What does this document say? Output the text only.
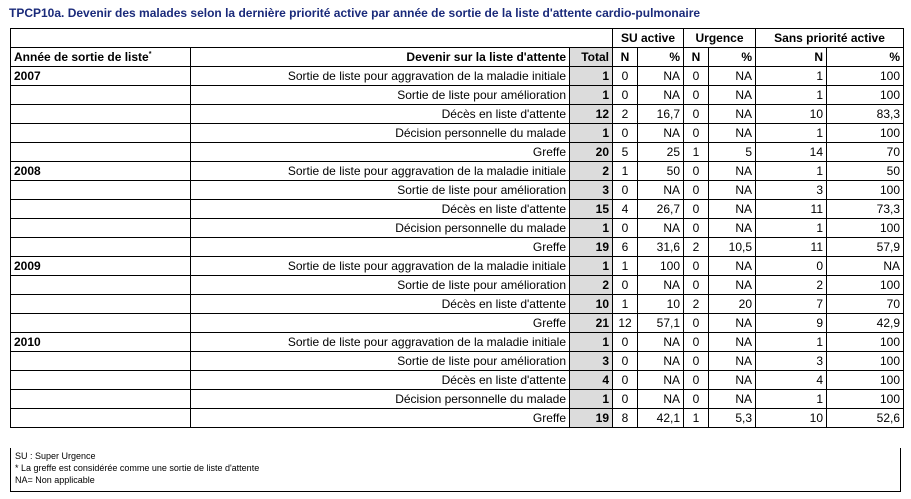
TPCP10a. Devenir des malades selon la dernière priorité active par année de sortie de la liste d'attente cardio-pulmonaire
			SU active		Urgence		Sans priorité active	
Année de sortie de liste*	Devenir sur la liste d'attente	Total	N	%	N	%	N	%
2007	Sortie de liste pour aggravation de la maladie initiale	1	0	NA	0	NA	1	100
	Sortie de liste pour amélioration	1	0	NA	0	NA	1	100
	Décès en liste d'attente	12	2	16,7	0	NA	10	83,3
	Décision personnelle du malade	1	0	NA	0	NA	1	100
	Greffe	20	5	25	1	5	14	70
2008	Sortie de liste pour aggravation de la maladie initiale	2	1	50	0	NA	1	50
	Sortie de liste pour amélioration	3	0	NA	0	NA	3	100
	Décès en liste d'attente	15	4	26,7	0	NA	11	73,3
	Décision personnelle du malade	1	0	NA	0	NA	1	100
	Greffe	19	6	31,6	2	10,5	11	57,9
2009	Sortie de liste pour aggravation de la maladie initiale	1	1	100	0	NA	0	NA
	Sortie de liste pour amélioration	2	0	NA	0	NA	2	100
	Décès en liste d'attente	10	1	10	2	20	7	70
	Greffe	21	12	57,1	0	NA	9	42,9
2010	Sortie de liste pour aggravation de la maladie initiale	1	0	NA	0	NA	1	100
	Sortie de liste pour amélioration	3	0	NA	0	NA	3	100
	Décès en liste d'attente	4	0	NA	0	NA	4	100
	Décision personnelle du malade	1	0	NA	0	NA	1	100
	Greffe	19	8	42,1	1	5,3	10	52,6
SU : Super Urgence
* La greffe est considérée comme une sortie de liste d'attente
NA= Non applicable
